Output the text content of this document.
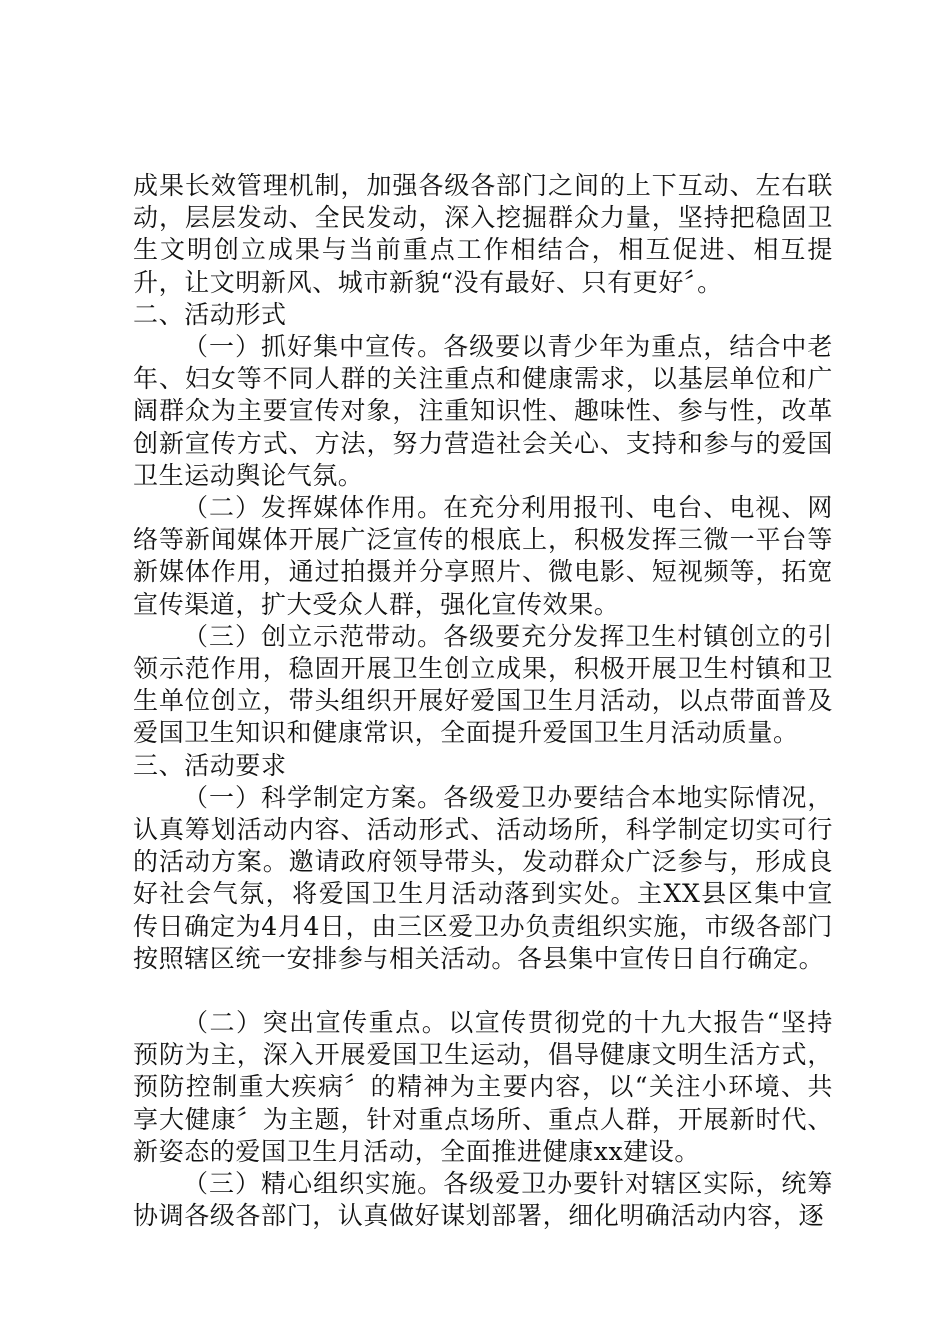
成果长效管理机制，加强各级各部门之间的上下互动、左右联动，层层发动、全民发动，深入挖掘群众力量，坚持把稳固卫生文明创立成果与当前重点工作相结合，相互促进、相互提升，让文明新风、城市新貌“没有最好、只有更好〞。

二、活动形式

（一）抓好集中宣传。各级要以青少年为重点，结合中老年、妇女等不同人群的关注重点和健康需求，以基层单位和广阔群众为主要宣传对象，注重知识性、趣味性、参与性，改革创新宣传方式、方法，努力营造社会关心、支持和参与的爱国卫生运动舆论气氛。

（二）发挥媒体作用。在充分利用报刊、电台、电视、网络等新闻媒体开展广泛宣传的根底上，积极发挥三微一平台等新媒体作用，通过拍摄并分享照片、微电影、短视频等，拓宽宣传渠道，扩大受众人群，强化宣传效果。

（三）创立示范带动。各级要充分发挥卫生村镇创立的引领示范作用，稳固开展卫生创立成果，积极开展卫生村镇和卫生单位创立，带头组织开展好爱国卫生月活动，以点带面普及爱国卫生知识和健康常识，全面提升爱国卫生月活动质量。

三、活动要求

（一）科学制定方案。各级爱卫办要结合本地实际情况，认真筹划活动内容、活动形式、活动场所，科学制定切实可行的活动方案。邀请政府领导带头，发动群众广泛参与，形成良好社会气氛，将爱国卫生月活动落到实处。主XX县区集中宣传日确定为4月4日，由三区爱卫办负责组织实施，市级各部门按照辖区统一安排参与相关活动。各县集中宣传日自行确定。

（二）突出宣传重点。以宣传贯彻党的十九大报告“坚持预防为主，深入开展爱国卫生运动，倡导健康文明生活方式，预防控制重大疾病〞的精神为主要内容，以“关注小环境、共享大健康〞为主题，针对重点场所、重点人群，开展新时代、新姿态的爱国卫生月活动，全面推进健康xx建设。

（三）精心组织实施。各级爱卫办要针对辖区实际，统筹协调各级各部门，认真做好谋划部署，细化明确活动内容，逐
